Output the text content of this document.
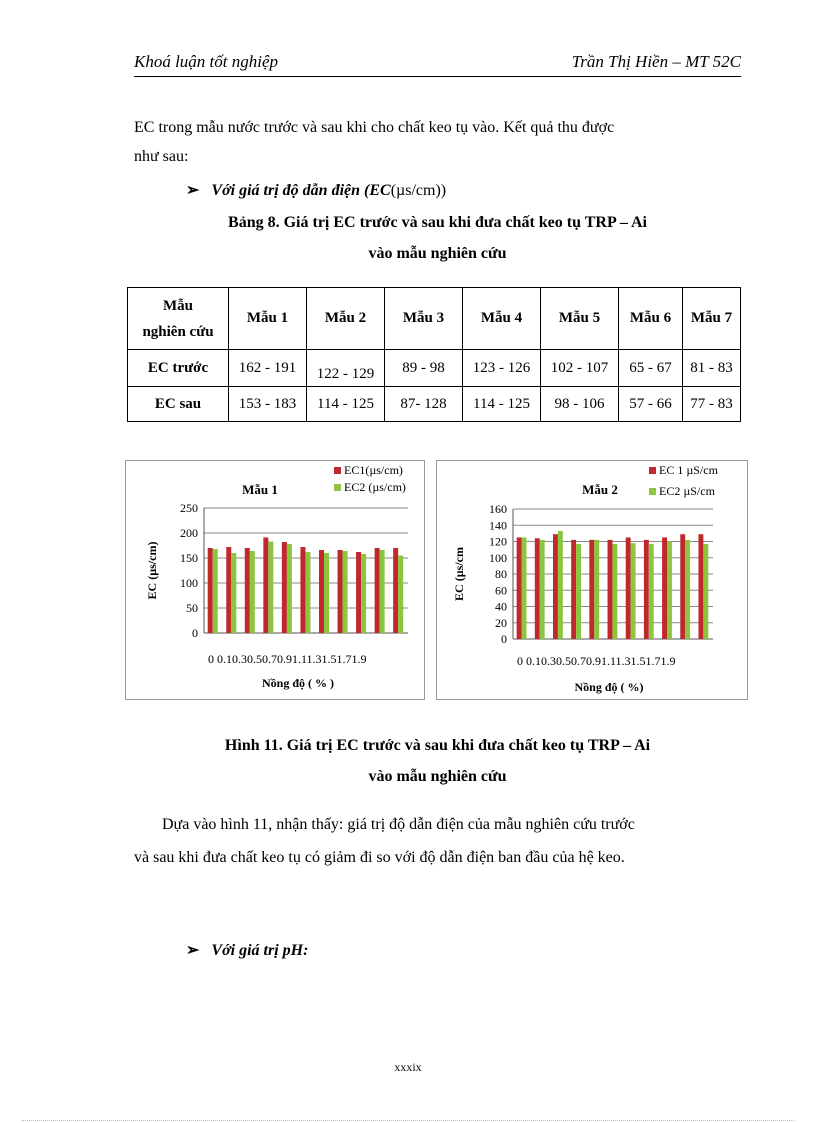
Khoá luận tốt nghiệp	Trần Thị Hiền – MT 52C
EC trong mẫu nước trước và sau khi cho chất keo tụ vào. Kết quả thu được
như sau:
➢ Với giá trị độ dẫn điện (EC(µs/cm))
Bảng 8. Giá trị EC trước và sau khi đưa chất keo tụ TRP – Ai
vào mẫu nghiên cứu
Mẫu
nghiên cứu	Mẫu 1	Mẫu 2	Mẫu 3	Mẫu 4	Mẫu 5	Mẫu 6	Mẫu 7
EC trước	162 - 191	122 - 129	89 - 98	123 - 126	102 - 107	65 - 67	81 - 83
EC sau	153 - 183	114 - 125	87- 128	114 - 125	98 - 106	57 - 66	77 - 83
0
50
100
150
200
250
Mẫu 1
EC1(µs/cm)
EC2 (µs/cm)
EC (µs/cm)
0 0.10.30.50.70.91.11.31.51.71.9
Nồng độ ( % )
0
20
40
60
80
100
120
140
160
Mẫu 2
EC 1 µS/cm
EC2 µS/cm
EC (µs/cm
0 0.10.30.50.70.91.11.31.51.71.9
Nồng độ ( %)
Hình 11. Giá trị EC trước và sau khi đưa chất keo tụ TRP – Ai
vào mẫu nghiên cứu
Dựa vào hình 11, nhận thấy: giá trị độ dẫn điện của mẫu nghiên cứu trước
và sau khi đưa chất keo tụ có giảm đi so với độ dẫn điện ban đầu của hệ keo.
➢ Với giá trị pH:
xxxix
